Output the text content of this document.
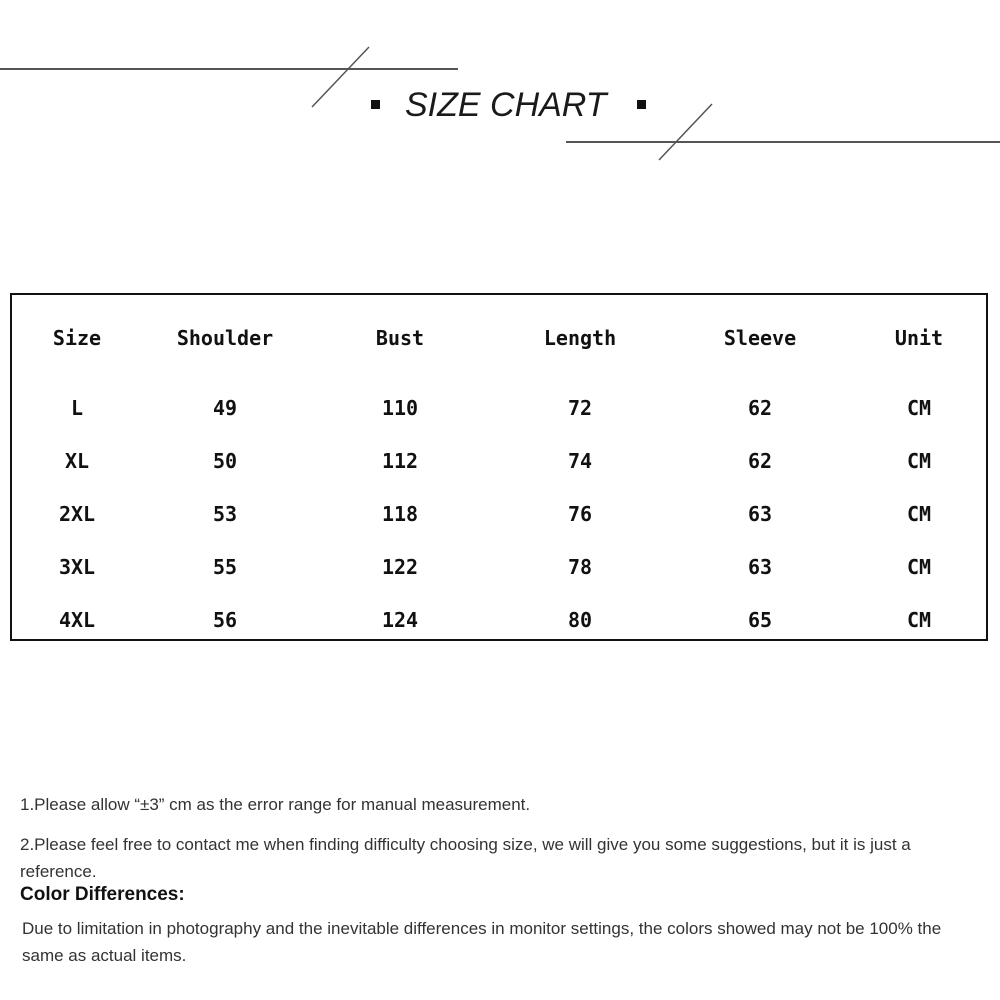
SIZE CHART
Size	Shoulder	Bust	Length	Sleeve	Unit
L	49	110	72	62	CM
XL	50	112	74	62	CM
2XL	53	118	76	63	CM
3XL	55	122	78	63	CM
4XL	56	124	80	65	CM

1.Please allow “±3” cm as the error range for manual measurement.

2.Please feel free to contact me when finding difficulty choosing size, we will give you some suggestions, but it is just a reference.

Color Differences:

Due to limitation in photography and the inevitable differences in monitor settings, the colors showed may not be 100% the same as actual items.
